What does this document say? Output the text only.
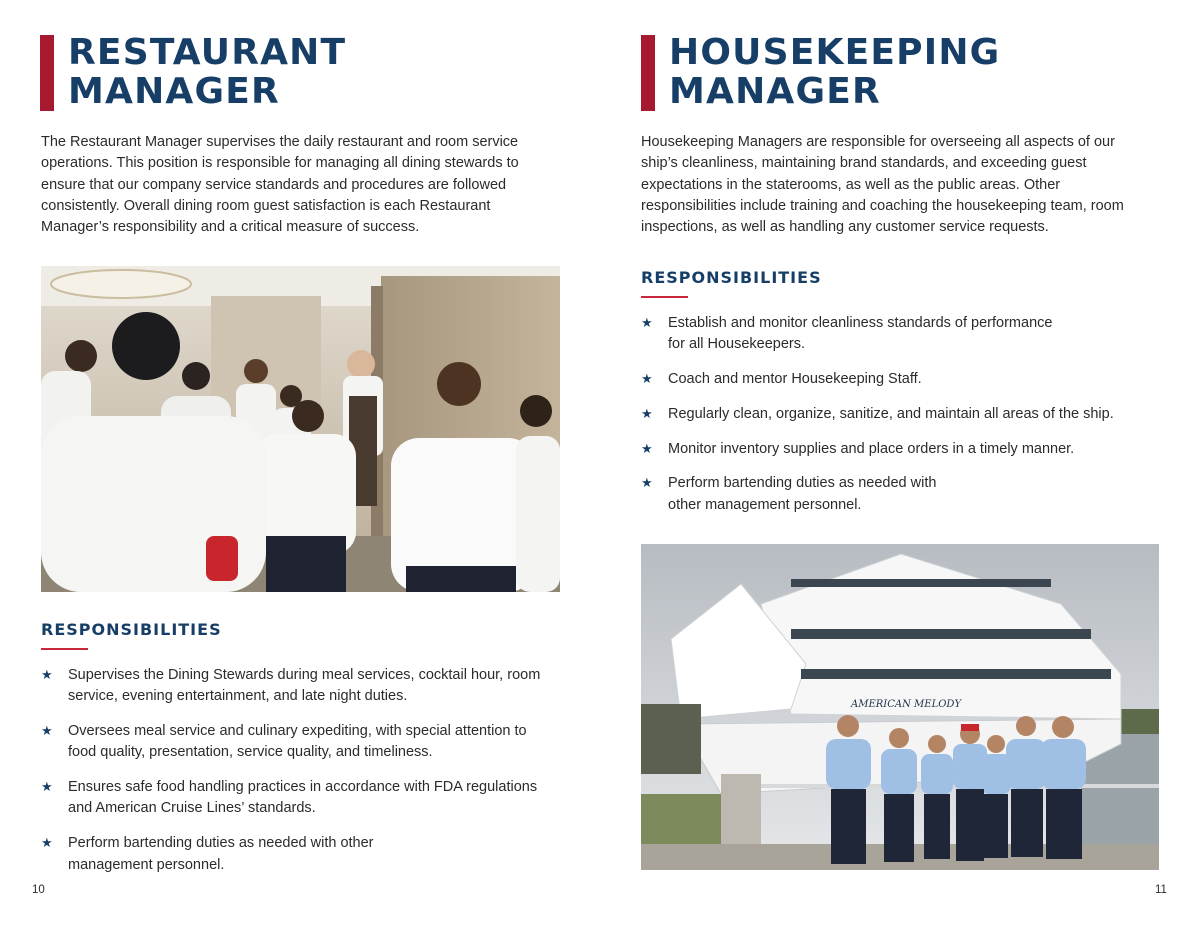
RESTAURANT
MANAGER

The Restaurant Manager supervises the daily restaurant and room service operations. This position is responsible for managing all dining stewards to ensure that our company service standards and procedures are followed consistently. Overall dining room guest satisfaction is each Restaurant Manager’s responsibility and a critical measure of success.

RESPONSIBILITIES
★ Supervises the Dining Stewards during meal services, cocktail hour, room service, evening entertainment, and late night duties.
★ Oversees meal service and culinary expediting, with special attention to food quality, presentation, service quality, and timeliness.
★ Ensures safe food handling practices in accordance with FDA regulations and American Cruise Lines’ standards.
★ Perform bartending duties as needed with other management personnel.
10
HOUSEKEEPING
MANAGER

Housekeeping Managers are responsible for overseeing all aspects of our ship’s cleanliness, maintaining brand standards, and exceeding guest expectations in the staterooms, as well as the public areas. Other responsibilities include training and coaching the housekeeping team, room inspections, as well as handling any customer service requests.

RESPONSIBILITIES
★ Establish and monitor cleanliness standards of performance for all Housekeepers.
★ Coach and mentor Housekeeping Staff.
★ Regularly clean, organize, sanitize, and maintain all areas of the ship.
★ Monitor inventory supplies and place orders in a timely manner.
★ Perform bartending duties as needed with other management personnel.
AMERICAN MELODY
11
